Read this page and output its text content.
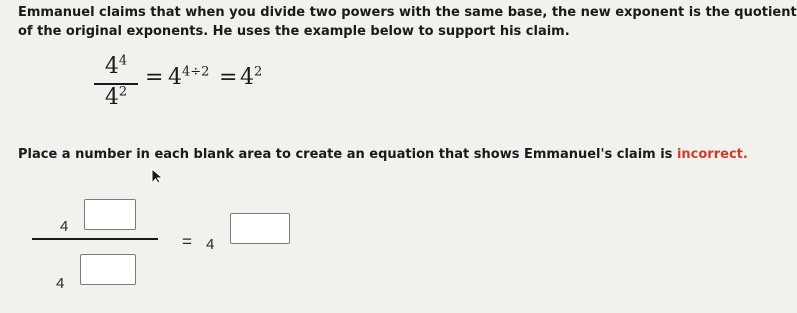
Emmanuel claims that when you divide two powers with the same base, the new exponent is the quotient
of the original exponents. He uses the example below to support his claim.
$4^4$
$4^2$
= $4^{4\div 2} = 4^2$
Place a number in each blank area to create an equation that shows Emmanuel's claim is incorrect.
4
4
= 4
